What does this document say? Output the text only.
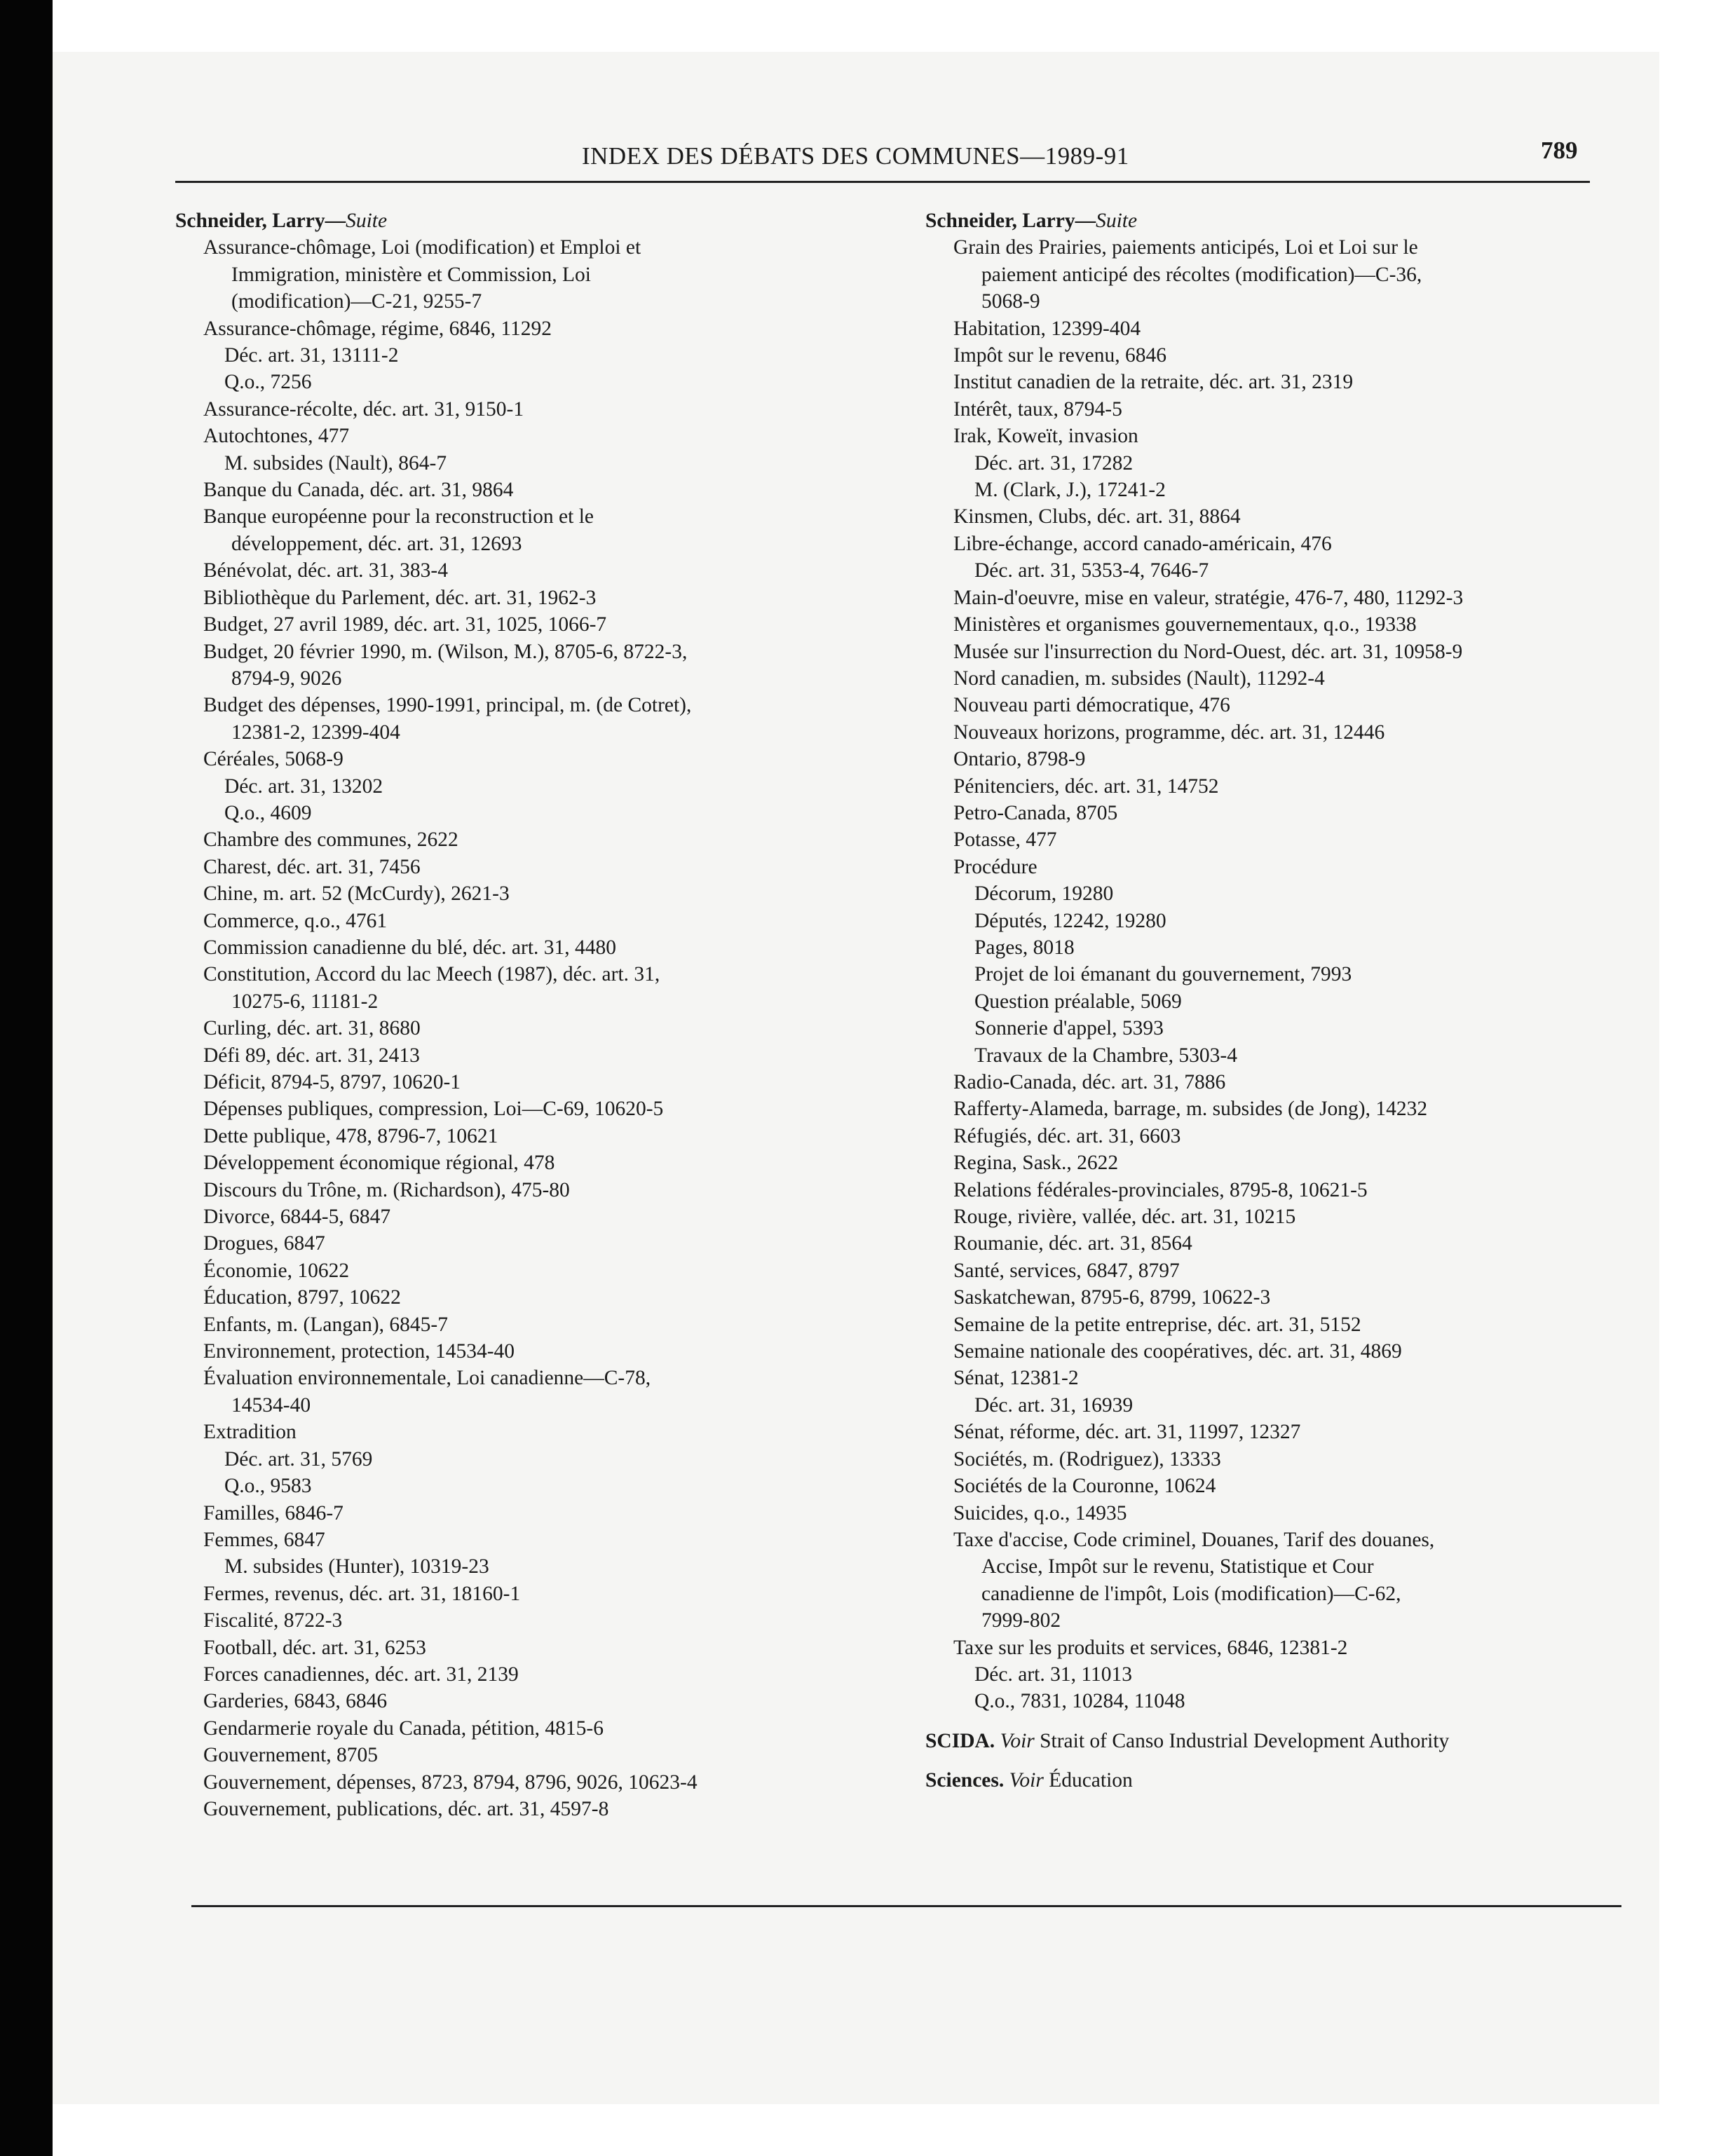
INDEX DES DÉBATS DES COMMUNES—1989-91	789
Schneider, Larry—Suite
Assurance-chômage, Loi (modification) et Emploi et
Immigration, ministère et Commission, Loi
(modification)—C-21, 9255-7
Assurance-chômage, régime, 6846, 11292
Déc. art. 31, 13111-2
Q.o., 7256
Assurance-récolte, déc. art. 31, 9150-1
Autochtones, 477
M. subsides (Nault), 864-7
Banque du Canada, déc. art. 31, 9864
Banque européenne pour la reconstruction et le
développement, déc. art. 31, 12693
Bénévolat, déc. art. 31, 383-4
Bibliothèque du Parlement, déc. art. 31, 1962-3
Budget, 27 avril 1989, déc. art. 31, 1025, 1066-7
Budget, 20 février 1990, m. (Wilson, M.), 8705-6, 8722-3,
8794-9, 9026
Budget des dépenses, 1990-1991, principal, m. (de Cotret),
12381-2, 12399-404
Céréales, 5068-9
Déc. art. 31, 13202
Q.o., 4609
Chambre des communes, 2622
Charest, déc. art. 31, 7456
Chine, m. art. 52 (McCurdy), 2621-3
Commerce, q.o., 4761
Commission canadienne du blé, déc. art. 31, 4480
Constitution, Accord du lac Meech (1987), déc. art. 31,
10275-6, 11181-2
Curling, déc. art. 31, 8680
Défi 89, déc. art. 31, 2413
Déficit, 8794-5, 8797, 10620-1
Dépenses publiques, compression, Loi—C-69, 10620-5
Dette publique, 478, 8796-7, 10621
Développement économique régional, 478
Discours du Trône, m. (Richardson), 475-80
Divorce, 6844-5, 6847
Drogues, 6847
Économie, 10622
Éducation, 8797, 10622
Enfants, m. (Langan), 6845-7
Environnement, protection, 14534-40
Évaluation environnementale, Loi canadienne—C-78,
14534-40
Extradition
Déc. art. 31, 5769
Q.o., 9583
Familles, 6846-7
Femmes, 6847
M. subsides (Hunter), 10319-23
Fermes, revenus, déc. art. 31, 18160-1
Fiscalité, 8722-3
Football, déc. art. 31, 6253
Forces canadiennes, déc. art. 31, 2139
Garderies, 6843, 6846
Gendarmerie royale du Canada, pétition, 4815-6
Gouvernement, 8705
Gouvernement, dépenses, 8723, 8794, 8796, 9026, 10623-4
Gouvernement, publications, déc. art. 31, 4597-8
Schneider, Larry—Suite
Grain des Prairies, paiements anticipés, Loi et Loi sur le
paiement anticipé des récoltes (modification)—C-36,
5068-9
Habitation, 12399-404
Impôt sur le revenu, 6846
Institut canadien de la retraite, déc. art. 31, 2319
Intérêt, taux, 8794-5
Irak, Koweït, invasion
Déc. art. 31, 17282
M. (Clark, J.), 17241-2
Kinsmen, Clubs, déc. art. 31, 8864
Libre-échange, accord canado-américain, 476
Déc. art. 31, 5353-4, 7646-7
Main-d'oeuvre, mise en valeur, stratégie, 476-7, 480, 11292-3
Ministères et organismes gouvernementaux, q.o., 19338
Musée sur l'insurrection du Nord-Ouest, déc. art. 31, 10958-9
Nord canadien, m. subsides (Nault), 11292-4
Nouveau parti démocratique, 476
Nouveaux horizons, programme, déc. art. 31, 12446
Ontario, 8798-9
Pénitenciers, déc. art. 31, 14752
Petro-Canada, 8705
Potasse, 477
Procédure
Décorum, 19280
Députés, 12242, 19280
Pages, 8018
Projet de loi émanant du gouvernement, 7993
Question préalable, 5069
Sonnerie d'appel, 5393
Travaux de la Chambre, 5303-4
Radio-Canada, déc. art. 31, 7886
Rafferty-Alameda, barrage, m. subsides (de Jong), 14232
Réfugiés, déc. art. 31, 6603
Regina, Sask., 2622
Relations fédérales-provinciales, 8795-8, 10621-5
Rouge, rivière, vallée, déc. art. 31, 10215
Roumanie, déc. art. 31, 8564
Santé, services, 6847, 8797
Saskatchewan, 8795-6, 8799, 10622-3
Semaine de la petite entreprise, déc. art. 31, 5152
Semaine nationale des coopératives, déc. art. 31, 4869
Sénat, 12381-2
Déc. art. 31, 16939
Sénat, réforme, déc. art. 31, 11997, 12327
Sociétés, m. (Rodriguez), 13333
Sociétés de la Couronne, 10624
Suicides, q.o., 14935
Taxe d'accise, Code criminel, Douanes, Tarif des douanes,
Accise, Impôt sur le revenu, Statistique et Cour
canadienne de l'impôt, Lois (modification)—C-62,
7999-802
Taxe sur les produits et services, 6846, 12381-2
Déc. art. 31, 11013
Q.o., 7831, 10284, 11048
SCIDA. Voir Strait of Canso Industrial Development Authority
Sciences. Voir Éducation
